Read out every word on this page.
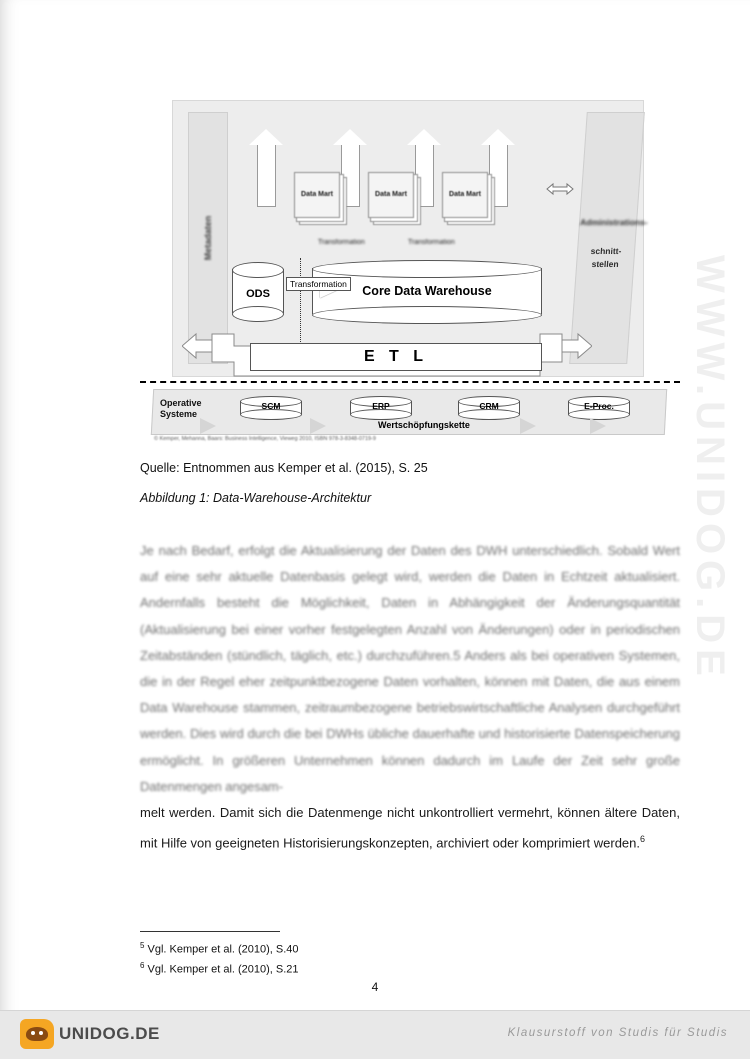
WWW.UNIDOG.DE
Metadaten	Administrations-
schnitt-
stellen
Data Mart	Data Mart	Data Mart
Transformation	Transformation
ODS	Core Data Warehouse
Transformation
E T L
Operative
Systeme
SCM	ERP	CRM	E-Proc.
Wertschöpfungskette
© Kemper, Mehanna, Baars: Business Intelligence, Vieweg 2010, ISBN 978-3-8348-0719-9
Quelle: Entnommen aus Kemper et al. (2015), S. 25
Abbildung 1: Data-Warehouse-Architektur

Je nach Bedarf, erfolgt die Aktualisierung der Daten des DWH unterschiedlich. Sobald Wert auf eine sehr aktuelle Datenbasis gelegt wird, werden die Daten in Echtzeit aktualisiert. Andernfalls besteht die Möglichkeit, Daten in Abhängigkeit der Änderungsquantität (Aktualisierung bei einer vorher festgelegten Anzahl von Änderungen) oder in periodischen Zeitabständen (stündlich, täglich, etc.) durchzuführen.5 Anders als bei operativen Systemen, die in der Regel eher zeitpunktbezogene Daten vorhalten, können mit Daten, die aus einem Data Warehouse stammen, zeitraumbezogene betriebswirtschaftliche Analysen durchgeführt werden. Dies wird durch die bei DWHs übliche dauerhafte und historisierte Datenspeicherung ermöglicht. In größeren Unternehmen können dadurch im Laufe der Zeit sehr große Datenmengen angesam-

melt werden. Damit sich die Datenmenge nicht unkontrolliert vermehrt, können ältere Daten, mit Hilfe von geeigneten Historisierungskonzepten, archiviert oder komprimiert werden.$^6$

$^5$ Vgl. Kemper et al. (2010), S.40
$^6$ Vgl. Kemper et al. (2010), S.21
4
UNIDOG.DE	Klausurstoff von Studis für Studis
